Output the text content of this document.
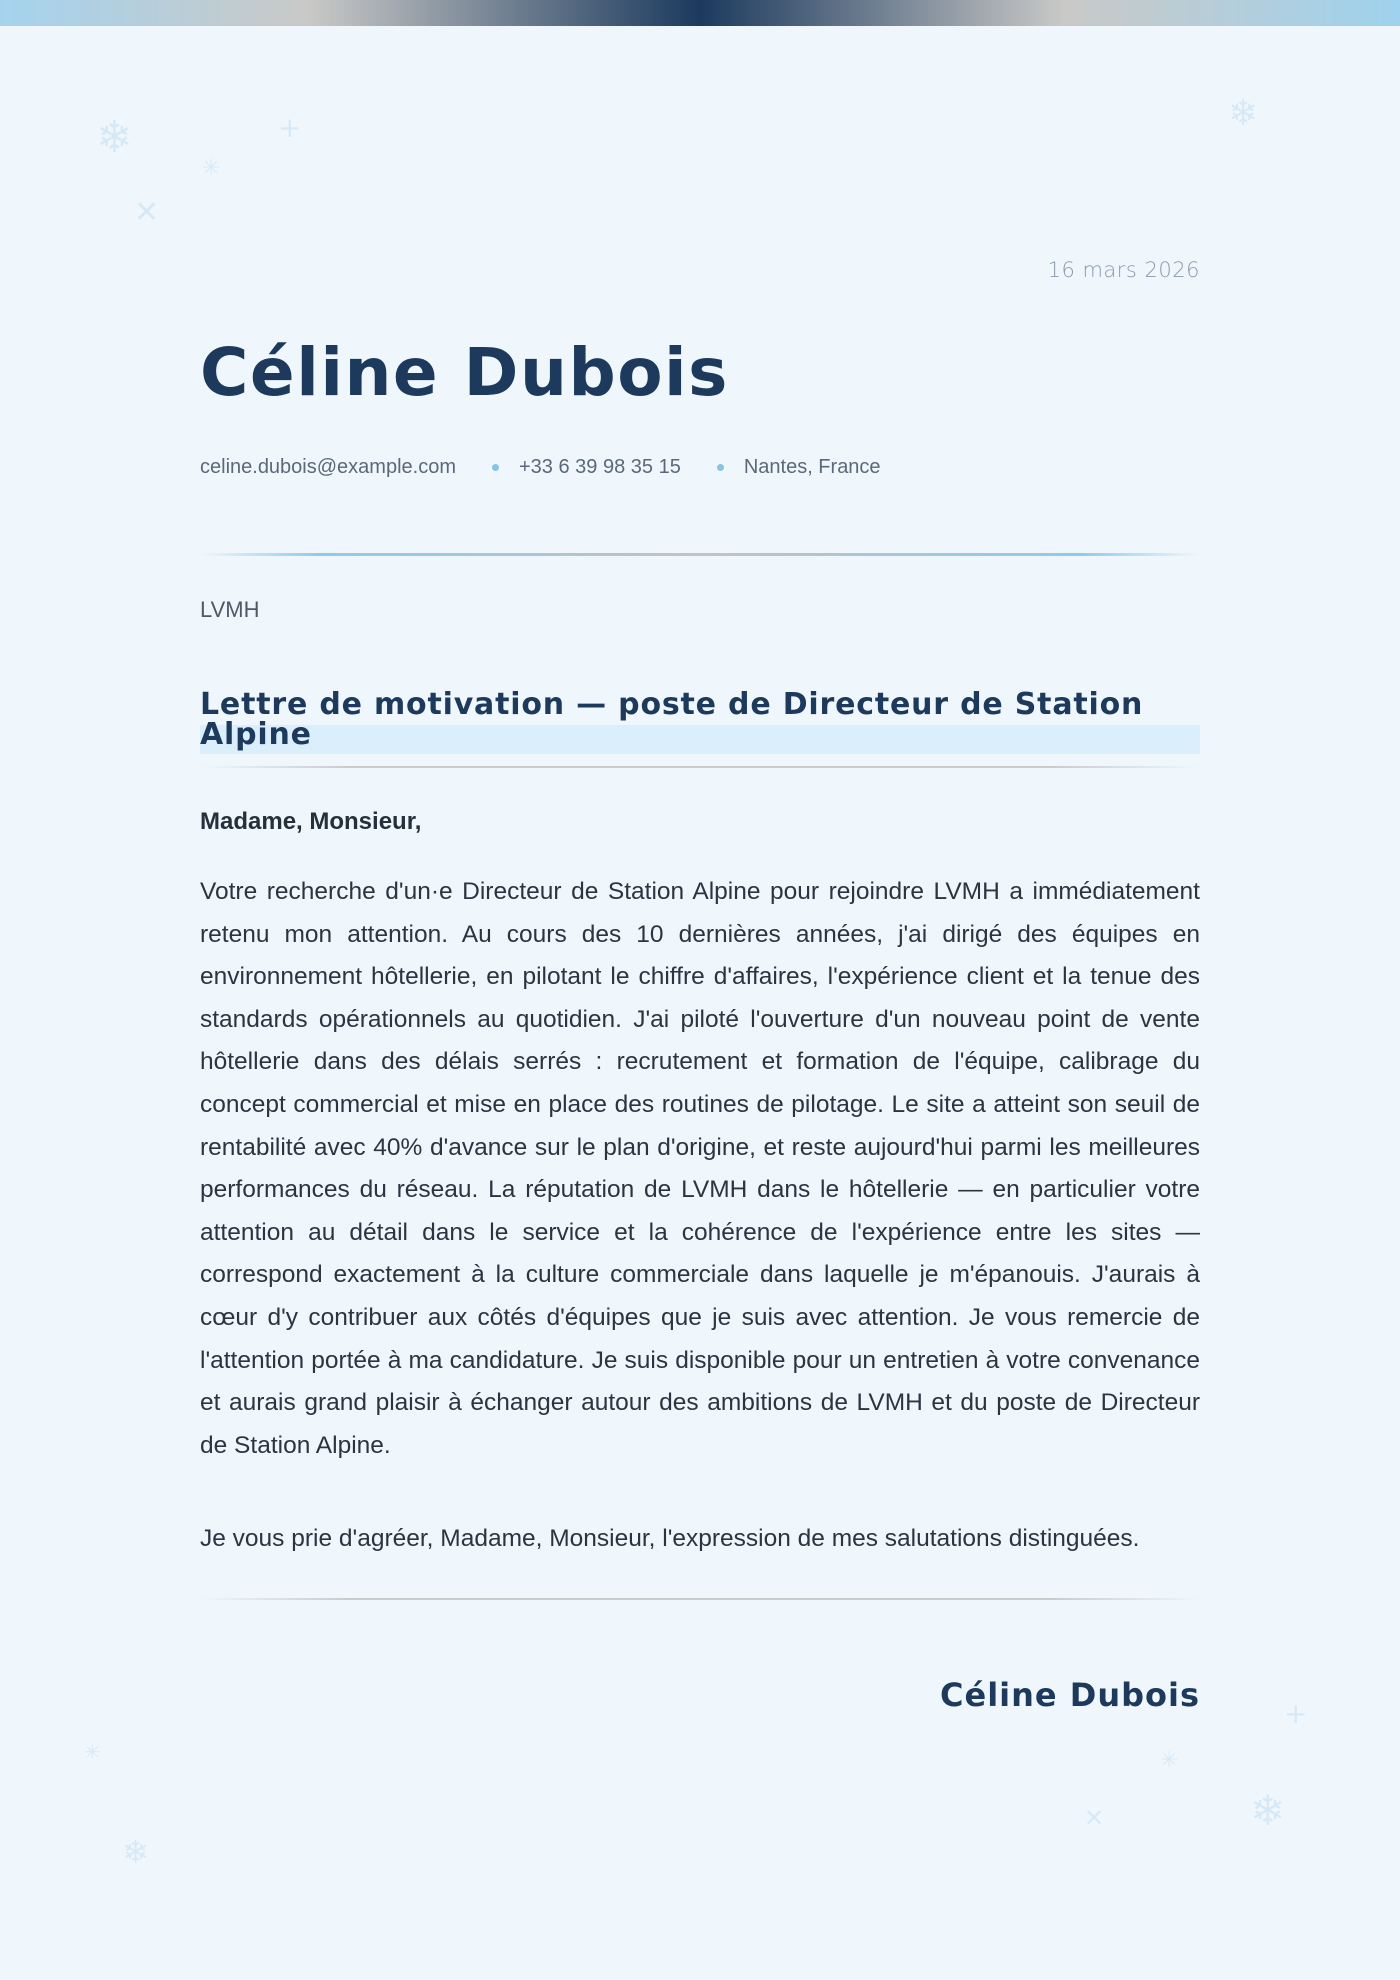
❄	+
✳
✕
❄
+
✳
❄
✕
✳
❄
16 mars 2026
Céline Dubois
celine.dubois@example.com	+33 6 39 98 35 15	Nantes, France
LVMH
Lettre de motivation — poste de Directeur de Station Alpine
Madame, Monsieur,

Votre recherche d'un·e Directeur de Station Alpine pour rejoindre LVMH a immédiatement retenu mon attention. Au cours des 10 dernières années, j'ai dirigé des équipes en environnement hôtellerie, en pilotant le chiffre d'affaires, l'expérience client et la tenue des standards opérationnels au quotidien. J'ai piloté l'ouverture d'un nouveau point de vente hôtellerie dans des délais serrés : recrutement et formation de l'équipe, calibrage du concept commercial et mise en place des routines de pilotage. Le site a atteint son seuil de rentabilité avec 40% d'avance sur le plan d'origine, et reste aujourd'hui parmi les meilleures performances du réseau. La réputation de LVMH dans le hôtellerie — en particulier votre attention au détail dans le service et la cohérence de l'expérience entre les sites — correspond exactement à la culture commerciale dans laquelle je m'épanouis. J'aurais à cœur d'y contribuer aux côtés d'équipes que je suis avec attention. Je vous remercie de l'attention portée à ma candidature. Je suis disponible pour un entretien à votre convenance et aurais grand plaisir à échanger autour des ambitions de LVMH et du poste de Directeur de Station Alpine.

Je vous prie d'agréer, Madame, Monsieur, l'expression de mes salutations distinguées.
Céline Dubois
